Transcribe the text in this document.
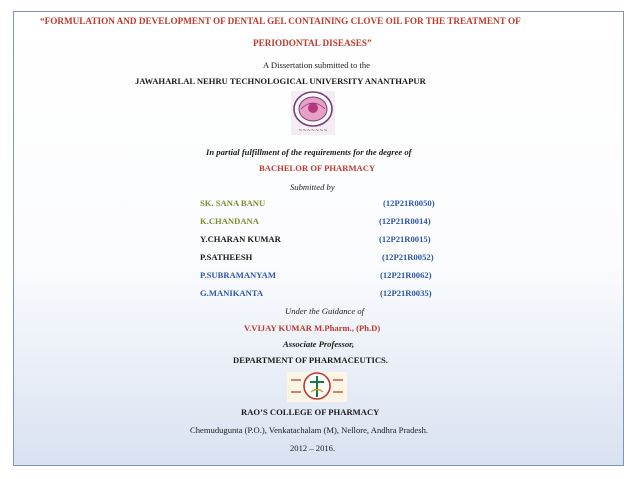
“FORMULATION AND DEVELOPMENT OF DENTAL GEL CONTAINING CLOVE OIL FOR THE TREATMENT OF
PERIODONTAL DISEASES”
A Dissertation submitted to the
JAWAHARLAL NEHRU TECHNOLOGICAL UNIVERSITY ANANTHAPUR
~~~~~~~
In partial fulfillment of the requirements for the degree of
BACHELOR OF PHARMACY
Submitted by
SK. SANA BANU	(12P21R0050)
K.CHANDANA	(12P21R0014)
Y.CHARAN KUMAR	(12P21R0015)
P.SATHEESH	(12P21R0052)
P.SUBRAMANYAM	(12P21R0062)
G.MANIKANTA	(12P21R0035)
Under the Guidance of
V.VIJAY KUMAR M.Pharm., (Ph.D)
Associate Professor,
DEPARTMENT OF PHARMACEUTICS.
RAO’S COLLEGE OF PHARMACY
Chemudugunta (P.O.), Venkatachalam (M), Nellore, Andhra Pradesh.
2012 – 2016.
